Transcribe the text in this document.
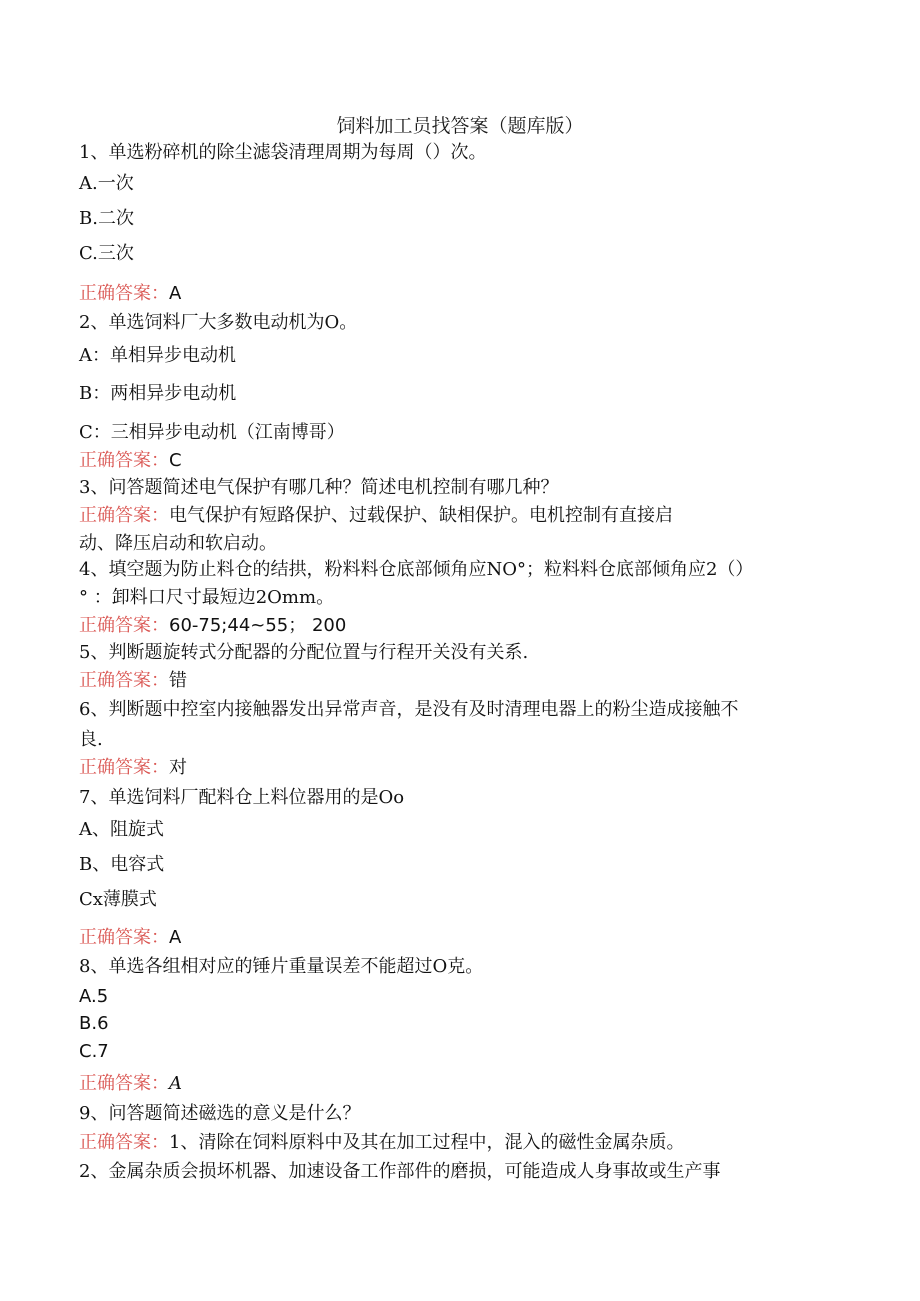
饲料加工员找答案（题库版）
1、单选粉碎机的除尘滤袋清理周期为每周（）次。
A.一次
B.二次
C.三次
正确答案：A
2、单选饲料厂大多数电动机为O。
A：单相异步电动机
B：两相异步电动机
C：三相异步电动机（江南博哥）
正确答案：C
3、问答题简述电气保护有哪几种？简述电机控制有哪几种？
正确答案：电气保护有短路保护、过载保护、缺相保护。电机控制有直接启
动、降压启动和软启动。
4、填空题为防止料仓的结拱，粉料料仓底部倾角应NO°；粒料料仓底部倾角应2（）
° ：卸料口尺寸最短边2Omm。
正确答案：60-75;44~55； 200
5、判断题旋转式分配器的分配位置与行程开关没有关系.
正确答案：错
6、判断题中控室内接触器发出异常声音，是没有及时清理电器上的粉尘造成接触不
良.
正确答案：对
7、单选饲料厂配料仓上料位器用的是Oo
A、阻旋式
B、电容式
Cx薄膜式
正确答案：A
8、单选各组相对应的锤片重量误差不能超过O克。
A.5
B.6
C.7
正确答案：A
9、问答题简述磁选的意义是什么？
正确答案：1、清除在饲料原料中及其在加工过程中，混入的磁性金属杂质。
2、金属杂质会损坏机器、加速设备工作部件的磨损，可能造成人身事故或生产事
